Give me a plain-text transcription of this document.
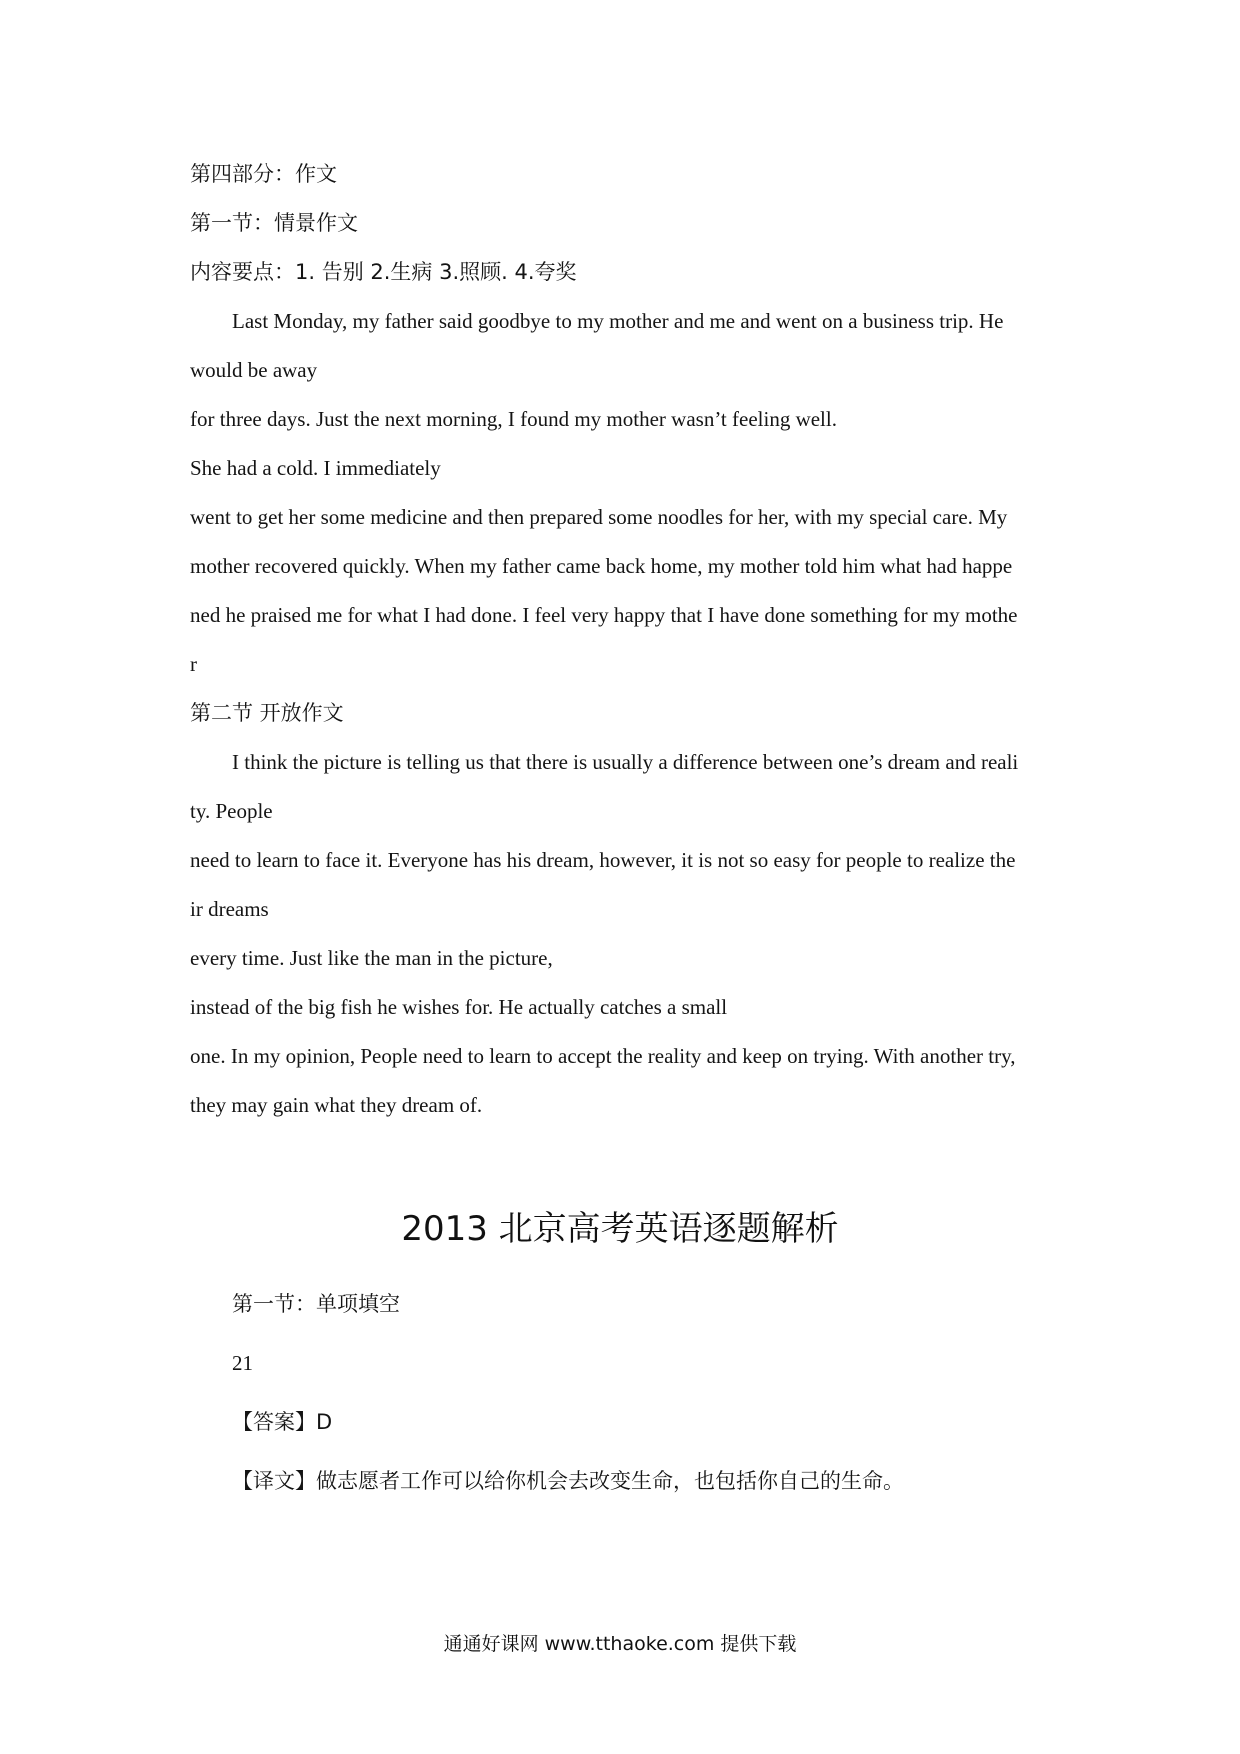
第四部分：作文

第一节：情景作文

内容要点：1. 告别 2.生病 3.照顾. 4.夸奖

Last Monday, my father said goodbye to my mother and me and went on a business trip. He

would be away

for three days. Just the next morning, I found my mother wasn’t feeling well.

She had a cold. I immediately

went to get her some medicine and then prepared some noodles for her, with my special care. My

mother recovered quickly. When my father came back home, my mother told him what had happe

ned he praised me for what I had done. I feel very happy that I have done something for my mothe

r

第二节 开放作文

I think the picture is telling us that there is usually a difference between one’s dream and reali

ty. People

need to learn to face it. Everyone has his dream, however, it is not so easy for people to realize the

ir dreams

every time. Just like the man in the picture,

instead of the big fish he wishes for. He actually catches a small

one. In my opinion, People need to learn to accept the reality and keep on trying. With another try,

they may gain what they dream of.

2013 北京高考英语逐题解析

第一节：单项填空

21

【答案】D

【译文】做志愿者工作可以给你机会去改变生命，也包括你自己的生命。

通通好课网 www.tthaoke.com 提供下载
